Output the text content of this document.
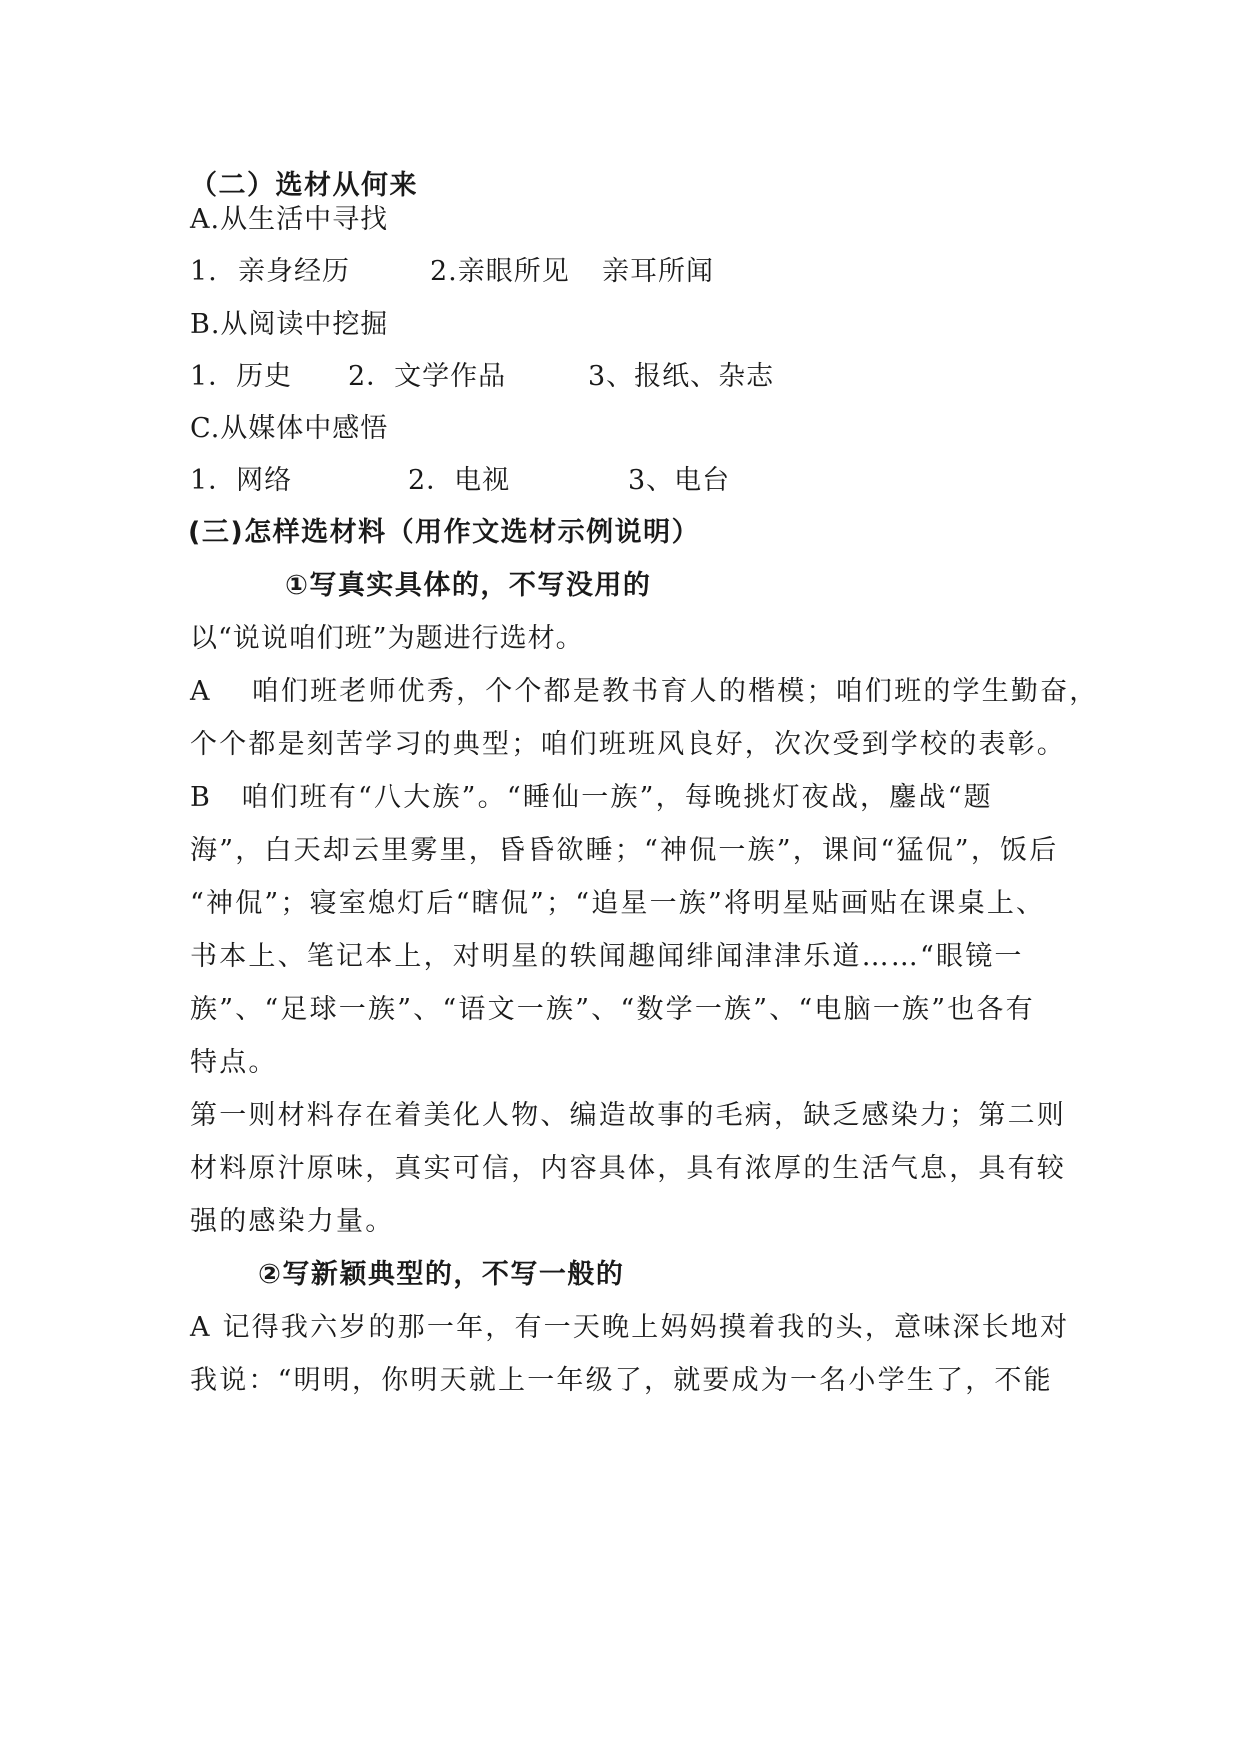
（二）选材从何来
A.从生活中寻找
1. 亲身经历	2.亲眼所见 亲耳所闻
B.从阅读中挖掘
1．历史 2．文学作品	3、报纸、杂志
C.从媒体中感悟
1．网络	2．电视	3、电台
(三)怎样选材料（用作文选材示例说明）
①写真实具体的，不写没用的
以“说说咱们班”为题进行选材。
A　 咱们班老师优秀，个个都是教书育人的楷模；咱们班的学生勤奋，
个个都是刻苦学习的典型；咱们班班风良好，次次受到学校的表彰。
B　咱们班有“八大族”。“睡仙一族”，每晚挑灯夜战，鏖战“题
海”，白天却云里雾里，昏昏欲睡；“神侃一族”，课间“猛侃”，饭后
“神侃”；寝室熄灯后“瞎侃”；“追星一族”将明星贴画贴在课桌上、
书本上、笔记本上，对明星的轶闻趣闻绯闻津津乐道……“眼镜一
族”、“足球一族”、“语文一族”、“数学一族”、“电脑一族”也各有
特点。
第一则材料存在着美化人物、编造故事的毛病，缺乏感染力；第二则
材料原汁原味，真实可信，内容具体，具有浓厚的生活气息，具有较
强的感染力量。
②写新颖典型的，不写一般的
A 记得我六岁的那一年，有一天晚上妈妈摸着我的头，意味深长地对
我说：“明明，你明天就上一年级了，就要成为一名小学生了，不能
